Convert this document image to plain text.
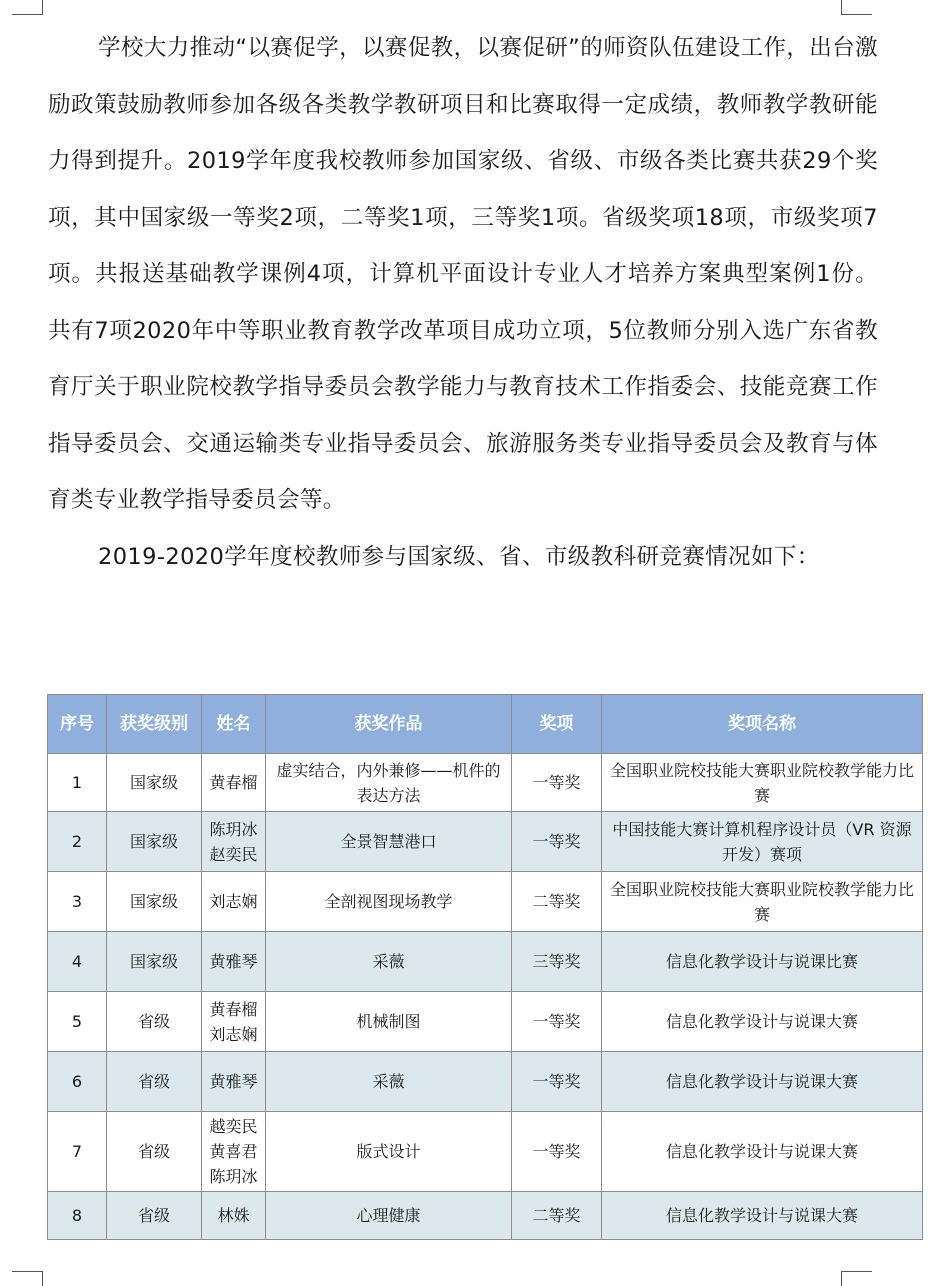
学校大力推动“以赛促学，以赛促教，以赛促研”的师资队伍建设工作，出台激励政策鼓励教师参加各级各类教学教研项目和比赛取得一定成绩，教师教学教研能力得到提升。2019学年度我校教师参加国家级、省级、市级各类比赛共获29个奖项，其中国家级一等奖2项，二等奖1项，三等奖1项。省级奖项18项，市级奖项7项。共报送基础教学课例4项，计算机平面设计专业人才培养方案典型案例1份。共有7项2020年中等职业教育教学改革项目成功立项，5位教师分别入选广东省教育厅关于职业院校教学指导委员会教学能力与教育技术工作指委会、技能竞赛工作指导委员会、交通运输类专业指导委员会、旅游服务类专业指导委员会及教育与体育类专业教学指导委员会等。

2019-2020学年度校教师参与国家级、省、市级教科研竞赛情况如下：

序号	获奖级别	姓名	获奖作品	奖项	奖项名称
1	国家级	黄春榴	虚实结合，内外兼修——机件的表达方法	一等奖	全国职业院校技能大赛职业院校教学能力比赛
2	国家级	陈玥冰
赵奕民	全景智慧港口	一等奖	中国技能大赛计算机程序设计员（VR 资源开发）赛项
3	国家级	刘志娴	全剖视图现场教学	二等奖	全国职业院校技能大赛职业院校教学能力比赛
4	国家级	黄雅琴	采薇	三等奖	信息化教学设计与说课比赛
5	省级	黄春榴
刘志娴	机械制图	一等奖	信息化教学设计与说课大赛
6	省级	黄雅琴	采薇	一等奖	信息化教学设计与说课大赛
7	省级	越奕民
黄喜君
陈玥冰	版式设计	一等奖	信息化教学设计与说课大赛
8	省级	林姝	心理健康	二等奖	信息化教学设计与说课大赛
